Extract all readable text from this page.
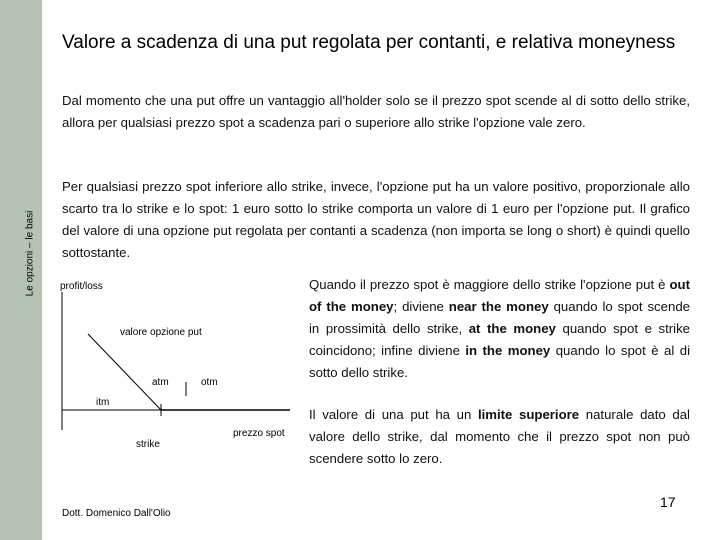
Le opzioni – le basi
Valore a scadenza di una put regolata per contanti, e relativa moneyness
Dal momento che una put offre un vantaggio all'holder solo se il prezzo spot scende al di sotto dello strike, allora per qualsiasi prezzo spot a scadenza pari o superiore allo strike l'opzione vale zero.
Per qualsiasi prezzo spot inferiore allo strike, invece, l'opzione put ha un valore positivo, proporzionale allo scarto tra lo strike e lo spot: 1 euro sotto lo strike comporta un valore di 1 euro per l'opzione put. Il grafico del valore di una opzione put regolata per contanti a scadenza (non importa se long o short) è quindi quello sottostante.
Quando il prezzo spot è maggiore dello strike l'opzione put è out of the money; diviene near the money quando lo spot scende in prossimità dello strike, at the money quando spot e strike coincidono; infine diviene in the money quando lo spot è al di sotto dello strike.
Il valore di una put ha un limite superiore naturale dato dal valore dello strike, dal momento che il prezzo spot non può scendere sotto lo zero.
profit/loss
valore opzione put
atm	otm
itm
prezzo spot
strike
Dott. Domenico Dall'Olio
17
